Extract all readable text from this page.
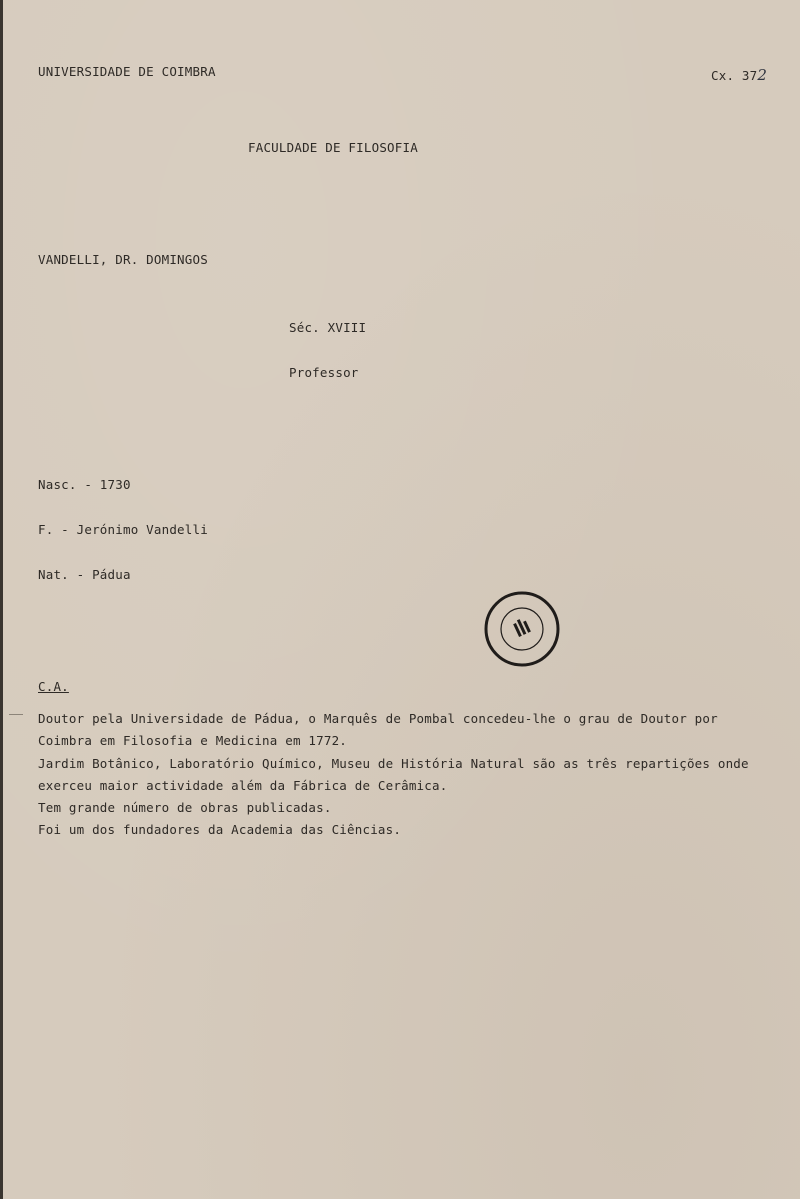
UNIVERSIDADE DE COIMBRA	Cx. 372
FACULDADE DE FILOSOFIA
VANDELLI, DR. DOMINGOS
Séc. XVIII
Professor
Nasc. - 1730
F. - Jerónimo Vandelli
Nat. - Pádua
C.A.
Doutor pela Universidade de Pádua, o Marquês de Pombal concedeu-lhe o grau de Doutor por
Coimbra em Filosofia e Medicina em 1772.
Jardim Botânico, Laboratório Químico, Museu de História Natural são as três repartições onde
exerceu maior actividade além da Fábrica de Cerâmica.
Tem grande número de obras publicadas.
Foi um dos fundadores da Academia das Ciências.
